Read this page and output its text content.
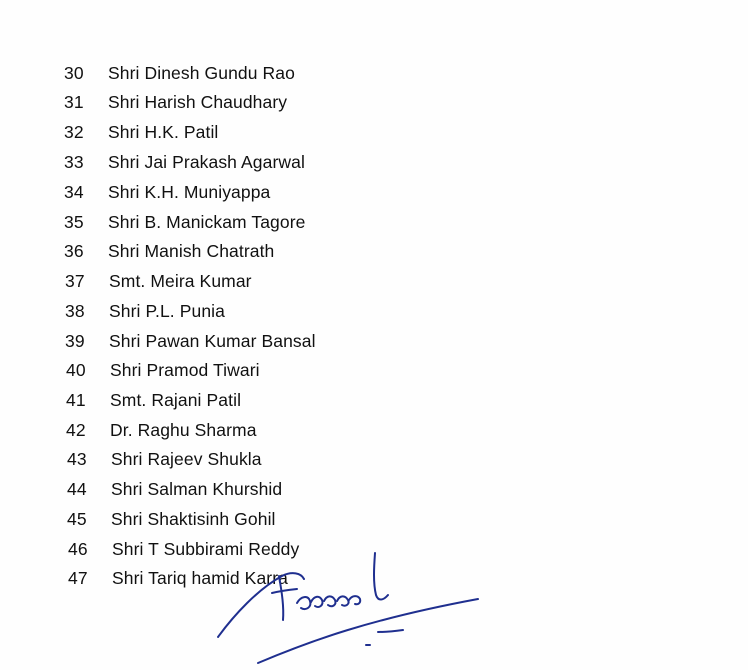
30	Shri Dinesh Gundu Rao
31	Shri Harish Chaudhary
32	Shri H.K. Patil
33	Shri Jai Prakash Agarwal
34	Shri K.H. Muniyappa
35	Shri B. Manickam Tagore
36	Shri Manish Chatrath
37	Smt. Meira Kumar
38	Shri P.L. Punia
39	Shri Pawan Kumar Bansal
40	Shri Pramod Tiwari
41	Smt. Rajani Patil
42	Dr. Raghu Sharma
43	Shri Rajeev Shukla
44	Shri Salman Khurshid
45	Shri Shaktisinh Gohil
46	Shri T Subbirami Reddy
47	Shri Tariq hamid Karra
